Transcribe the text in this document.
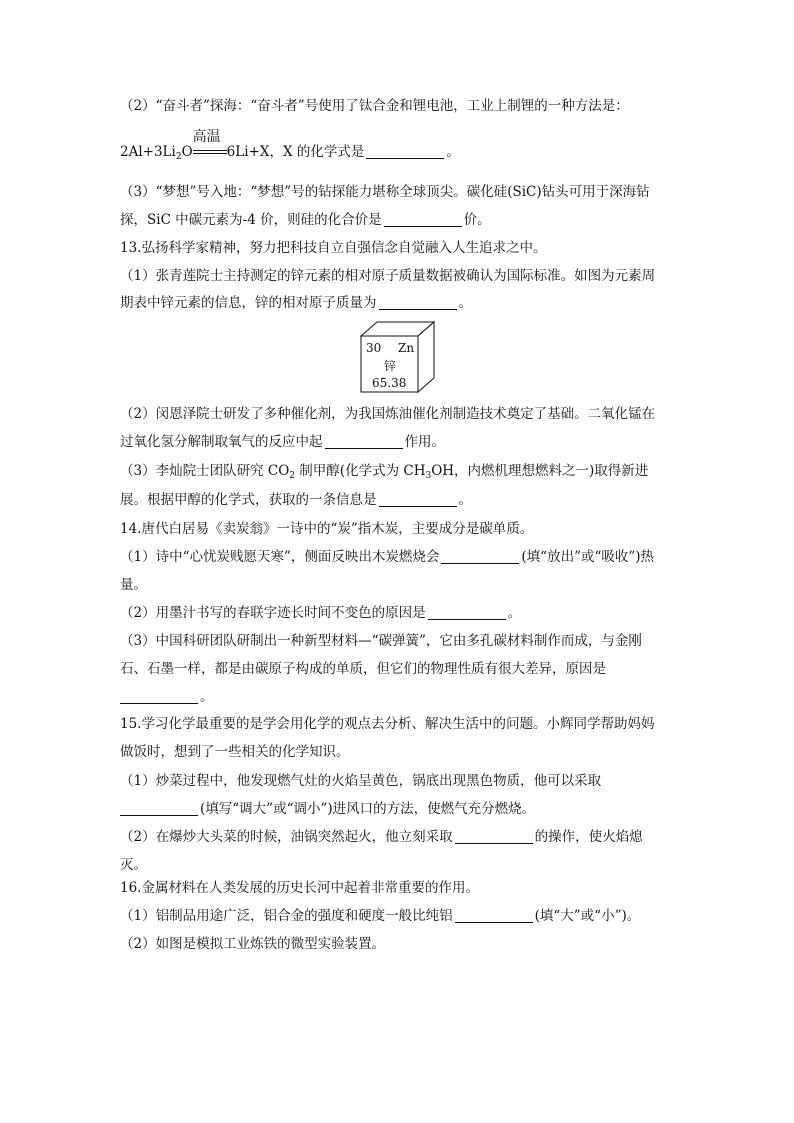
（2）“奋斗者”探海：“奋斗者”号使用了钛合金和锂电池，工业上制锂的一种方法是：
$2Al+3Li_2O$
高温
6Li+X，X 的化学式是	。
（3）“梦想”号入地：“梦想”号的钻探能力堪称全球顶尖。碳化硅(SiC)钻头可用于深海钻
探，SiC 中碳元素为-4 价，则硅的化合价是	价。
13.弘扬科学家精神，努力把科技自立自强信念自觉融入人生追求之中。
（1）张青莲院士主持测定的锌元素的相对原子质量数据被确认为国际标准。如图为元素周
期表中锌元素的信息，锌的相对原子质量为	。
30 Zn
锌
65.38
（2）闵恩泽院士研发了多种催化剂，为我国炼油催化剂制造技术奠定了基础。二氧化锰在
过氧化氢分解制取氧气的反应中起	作用。
（3）李灿院士团队研究 $CO_2$ 制甲醇(化学式为 $CH_3OH$，内燃机理想燃料之一)取得新进
展。根据甲醇的化学式，获取的一条信息是	。
14.唐代白居易《卖炭翁》一诗中的“炭”指木炭，主要成分是碳单质。
（1）诗中“心忧炭贱愿天寒”，侧面反映出木炭燃烧会	(填“放出”或“吸收”)热
量。
（2）用墨汁书写的春联字迹长时间不变色的原因是	。
（3）中国科研团队研制出一种新型材料—“碳弹簧”，它由多孔碳材料制作而成，与金刚
石、石墨一样，都是由碳原子构成的单质，但它们的物理性质有很大差异，原因是
。
15.学习化学最重要的是学会用化学的观点去分析、解决生活中的问题。小辉同学帮助妈妈
做饭时，想到了一些相关的化学知识。
（1）炒菜过程中，他发现燃气灶的火焰呈黄色，锅底出现黑色物质，他可以采取
(填写“调大”或“调小”)进风口的方法，使燃气充分燃烧。
（2）在爆炒大头菜的时候，油锅突然起火，他立刻采取	的操作，使火焰熄
灭。
16.金属材料在人类发展的历史长河中起着非常重要的作用。
（1）铝制品用途广泛，铝合金的强度和硬度一般比纯铝	(填“大”或“小”)。
（2）如图是模拟工业炼铁的微型实验装置。
